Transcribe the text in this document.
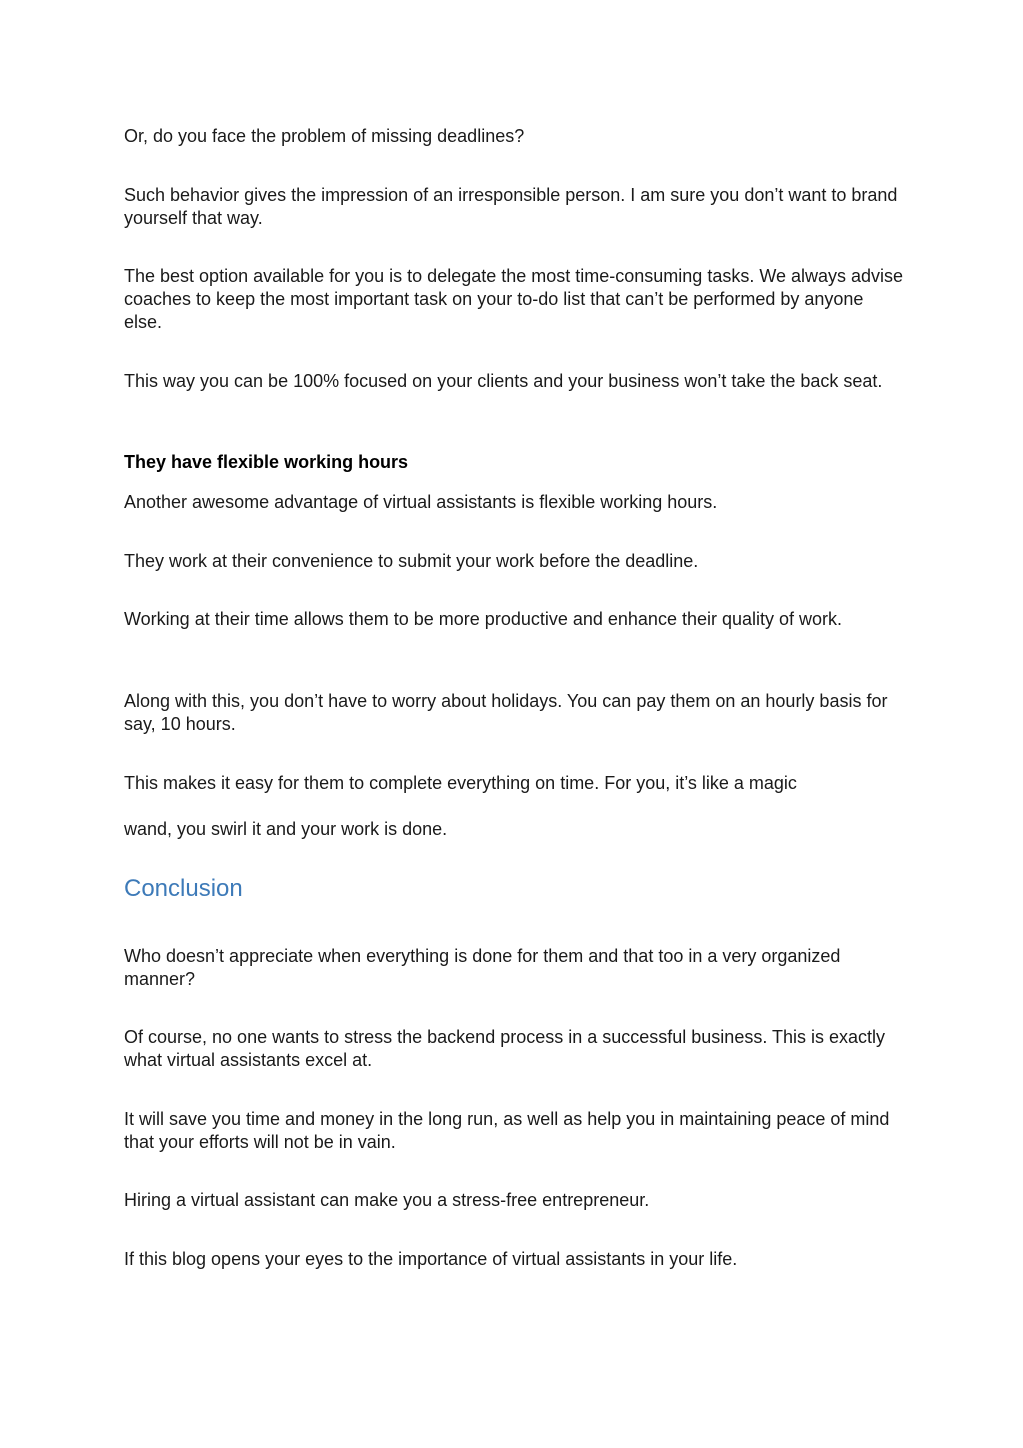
Or, do you face the problem of missing deadlines?

Such behavior gives the impression of an irresponsible person. I am sure you don’t want to brand yourself that way.

The best option available for you is to delegate the most time-consuming tasks. We always advise coaches to keep the most important task on your to-do list that can’t be performed by anyone else.

This way you can be 100% focused on your clients and your business won’t take the back seat.

They have flexible working hours

Another awesome advantage of virtual assistants is flexible working hours.

They work at their convenience to submit your work before the deadline.

Working at their time allows them to be more productive and enhance their quality of work.

Along with this, you don’t have to worry about holidays. You can pay them on an hourly basis for say, 10 hours.

This makes it easy for them to complete everything on time. For you, it’s like a magic

wand, you swirl it and your work is done.

Conclusion

Who doesn’t appreciate when everything is done for them and that too in a very organized manner?

Of course, no one wants to stress the backend process in a successful business. This is exactly what virtual assistants excel at.

It will save you time and money in the long run, as well as help you in maintaining peace of mind that your efforts will not be in vain.

Hiring a virtual assistant can make you a stress-free entrepreneur.

If this blog opens your eyes to the importance of virtual assistants in your life.
